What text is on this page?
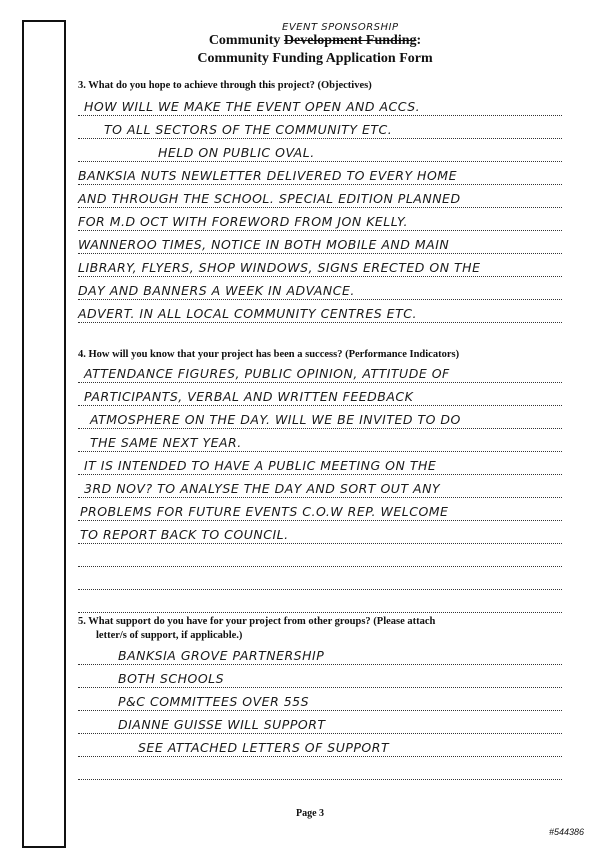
EVENT SPONSORSHIP
Community Development Funding:
Community Funding Application Form
3. What do you hope to achieve through this project? (Objectives)
HOW WILL WE MAKE THE EVENT OPEN AND ACCS.
TO ALL SECTORS OF THE COMMUNITY ETC.
HELD ON PUBLIC OVAL.
BANKSIA NUTS NEWLETTER DELIVERED TO EVERY HOME
AND THROUGH THE SCHOOL. SPECIAL EDITION PLANNED
FOR M.D OCT WITH FOREWORD FROM JON KELLY.
WANNEROO TIMES, NOTICE IN BOTH MOBILE AND MAIN
LIBRARY, FLYERS, SHOP WINDOWS, SIGNS ERECTED ON THE
DAY AND BANNERS A WEEK IN ADVANCE.
ADVERT. IN ALL LOCAL COMMUNITY CENTRES ETC.
4. How will you know that your project has been a success? (Performance Indicators)
ATTENDANCE FIGURES, PUBLIC OPINION, ATTITUDE OF
PARTICIPANTS, VERBAL AND WRITTEN FEEDBACK
ATMOSPHERE ON THE DAY. WILL WE BE INVITED TO DO
THE SAME NEXT YEAR.
IT IS INTENDED TO HAVE A PUBLIC MEETING ON THE
3RD NOV? TO ANALYSE THE DAY AND SORT OUT ANY
PROBLEMS FOR FUTURE EVENTS C.O.W REP. WELCOME
TO REPORT BACK TO COUNCIL.
5. What support do you have for your project from other groups? (Please attach
letter/s of support, if applicable.)
BANKSIA GROVE PARTNERSHIP
BOTH SCHOOLS
P&C COMMITTEES OVER 55S
DIANNE GUISSE WILL SUPPORT
SEE ATTACHED LETTERS OF SUPPORT
Page 3
#544386
